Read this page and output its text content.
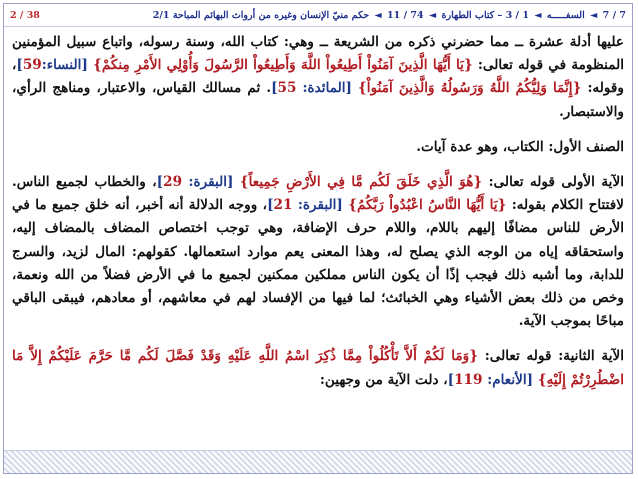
7 / 7 ◄ السفـــــه ◄ 1 / 3 – كتاب الطهارة ◄ 74 / 11 ◄ حكم منيّ الإنسان وغيره من أرواث البهائم المباحة 2/1
2 / 38

عليها أدلة عشرة ــ مما حضرني ذكره من الشريعة ــ وهي: كتاب الله، وسنة رسوله، واتباع سبيل المؤمنين المنظومة في قوله تعالى: {يَا أَيُّهَا الَّذِينَ آمَنُواْ أَطِيعُواْ اللَّهَ وَأَطِيعُواْ الرَّسُولَ وَأُوْلِي الأَمْرِ مِنكُمْ} [النساء:59]، وقوله: {إِنَّمَا وَلِيُّكُمُ اللَّهُ وَرَسُولُهُ وَالَّذِينَ آمَنُواْ} [المائدة: 55]. ثم مسالك القياس، والاعتبار، ومناهج الرأي، والاستبصار.

الصنف الأول: الكتاب، وهو عدة آيات.

الآية الأولى قوله تعالى: {هُوَ الَّذِي خَلَقَ لَكُم مَّا فِي الأَرْضِ جَمِيعاً} [البقرة: 29]، والخطاب لجميع الناس. لافتتاح الكلام بقوله: {يَا أَيُّهَا النَّاسُ اعْبُدُواْ رَبَّكُمُ} [البقرة: 21]، ووجه الدلالة أنه أخبر، أنه خلق جميع ما في الأرض للناس مضافًا إليهم باللام، واللام حرف الإضافة، وهي توجب اختصاص المضاف بالمضاف إليه، واستحقاقه إياه من الوجه الذي يصلح له، وهذا المعنى يعم موارد استعمالها. كقولهم: المال لزيد، والسرج للدابة، وما أشبه ذلك فيجب إذًا أن يكون الناس مملكين ممكنين لجميع ما في الأرض فضلاً من الله ونعمة، وخص من ذلك بعض الأشياء وهي الخبائث؛ لما فيها من الإفساد لهم في معاشهم، أو معادهم، فيبقى الباقي مباحًا بموجب الآية.

الآية الثانية: قوله تعالى: {وَمَا لَكُمْ أَلاَّ تَأْكُلُواْ مِمَّا ذُكِرَ اسْمُ اللَّهِ عَلَيْهِ وَقَدْ فَصَّلَ لَكُم مَّا حَرَّمَ عَلَيْكُمْ إِلاَّ مَا اضْطُرِرْتُمْ إِلَيْهِ} [الأنعام: 119]، دلت الآية من وجهين:
